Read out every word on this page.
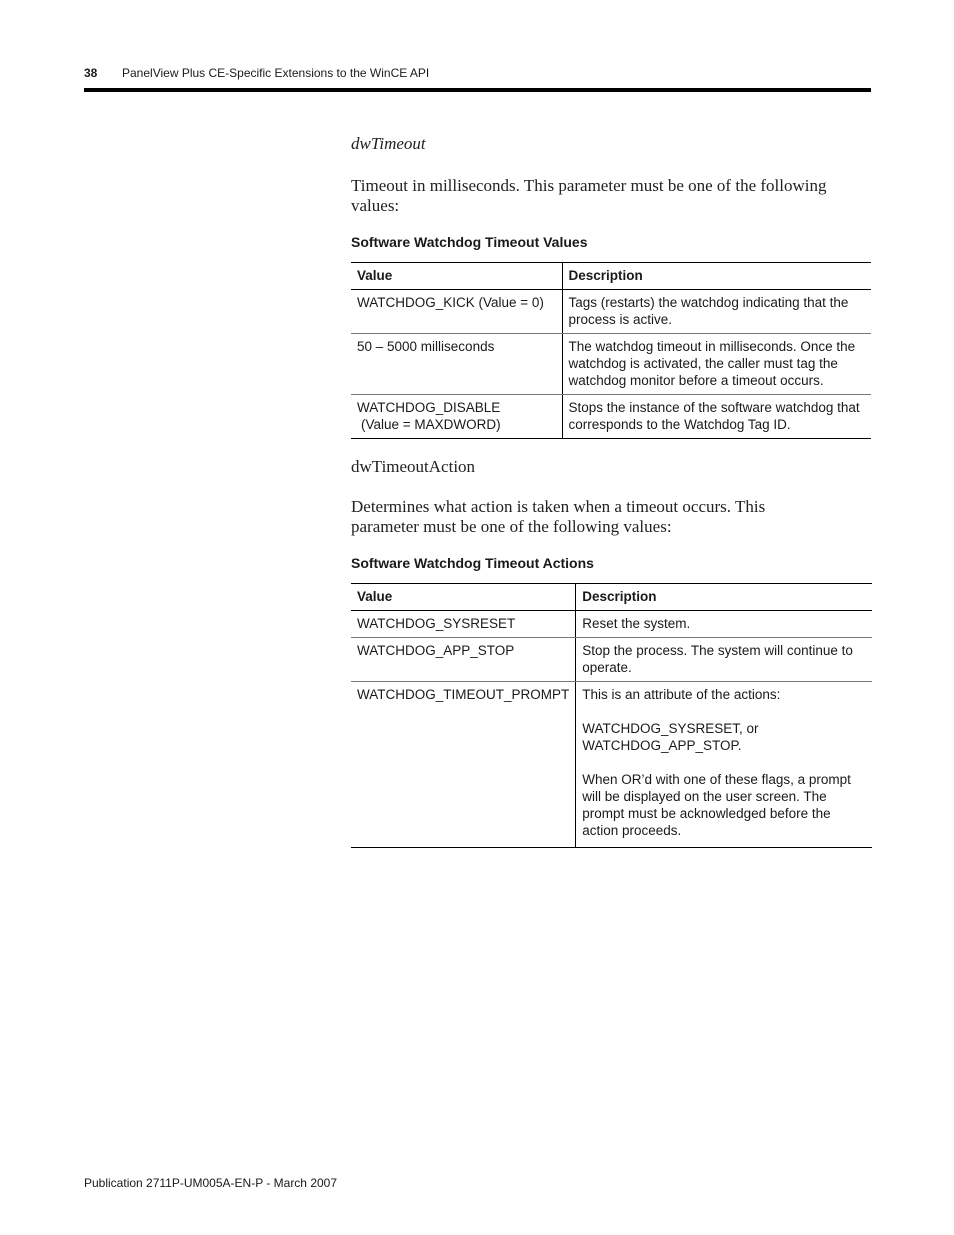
38 PanelView Plus CE-Specific Extensions to the WinCE API
dwTimeout
Timeout in milliseconds. This parameter must be one of the following values:
Software Watchdog Timeout Values
Value	Description
WATCHDOG_KICK (Value = 0)	Tags (restarts) the watchdog indicating that the process is active.
50 – 5000 milliseconds	The watchdog timeout in milliseconds. Once the watchdog is activated, the caller must tag the watchdog monitor before a timeout occurs.

WATCHDOG_DISABLE
(Value = MAXDWORD)	Stops the instance of the software watchdog that corresponds to the Watchdog Tag ID.
dwTimeoutAction
Determines what action is taken when a timeout occurs. This parameter must be one of the following values:
Software Watchdog Timeout Actions
Value	Description
WATCHDOG_SYSRESET	Reset the system.

WATCHDOG_APP_STOP	Stop the process. The system will continue to operate.

WATCHDOG_TIMEOUT_PROMPT	This is an attribute of the actions:

WATCHDOG_SYSRESET, or WATCHDOG_APP_STOP.

When OR’d with one of these flags, a prompt will be displayed on the user screen. The prompt must be acknowledged before the action proceeds.

Publication 2711P-UM005A-EN-P - March 2007
